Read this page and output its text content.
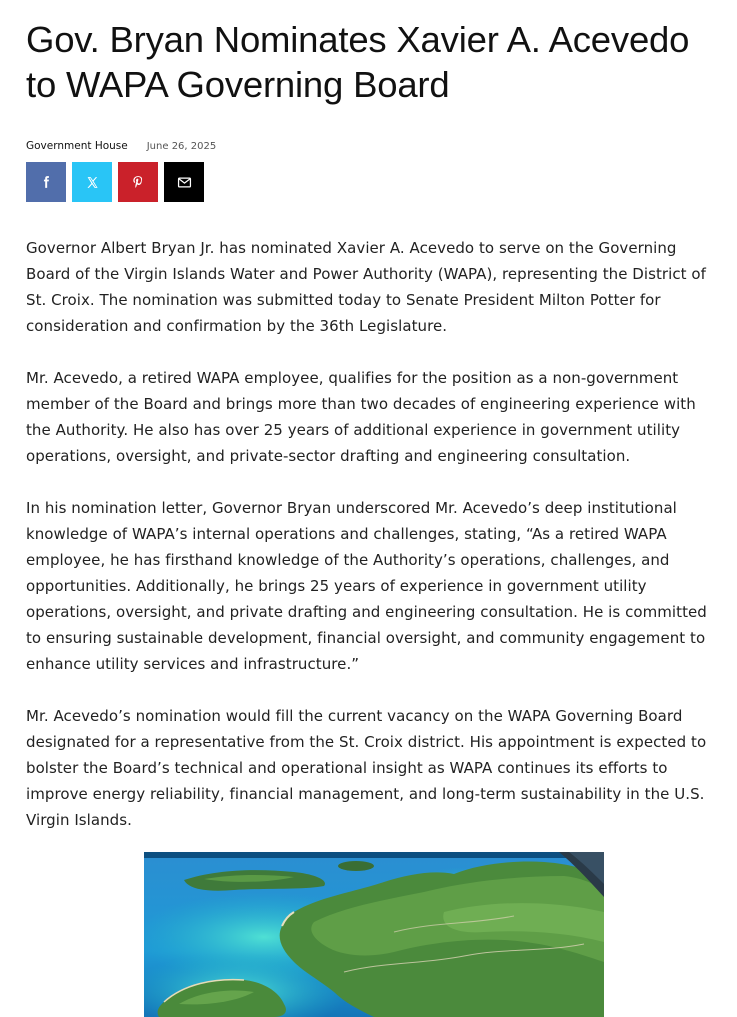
Gov. Bryan Nominates Xavier A. Acevedo to WAPA Governing Board
Government House June 26, 2025

Governor Albert Bryan Jr. has nominated Xavier A. Acevedo to serve on the Governing Board of the Virgin Islands Water and Power Authority (WAPA), representing the District of St. Croix. The nomination was submitted today to Senate President Milton Potter for consideration and confirmation by the 36th Legislature.

Mr. Acevedo, a retired WAPA employee, qualifies for the position as a non-government member of the Board and brings more than two decades of engineering experience with the Authority. He also has over 25 years of additional experience in government utility operations, oversight, and private-sector drafting and engineering consultation.

In his nomination letter, Governor Bryan underscored Mr. Acevedo’s deep institutional knowledge of WAPA’s internal operations and challenges, stating, “As a retired WAPA employee, he has firsthand knowledge of the Authority’s operations, challenges, and opportunities. Additionally, he brings 25 years of experience in government utility operations, oversight, and private drafting and engineering consultation. He is committed to ensuring sustainable development, financial oversight, and community engagement to enhance utility services and infrastructure.”

Mr. Acevedo’s nomination would fill the current vacancy on the WAPA Governing Board designated for a representative from the St. Croix district. His appointment is expected to bolster the Board’s technical and operational insight as WAPA continues its efforts to improve energy reliability, financial management, and long-term sustainability in the U.S. Virgin Islands.
